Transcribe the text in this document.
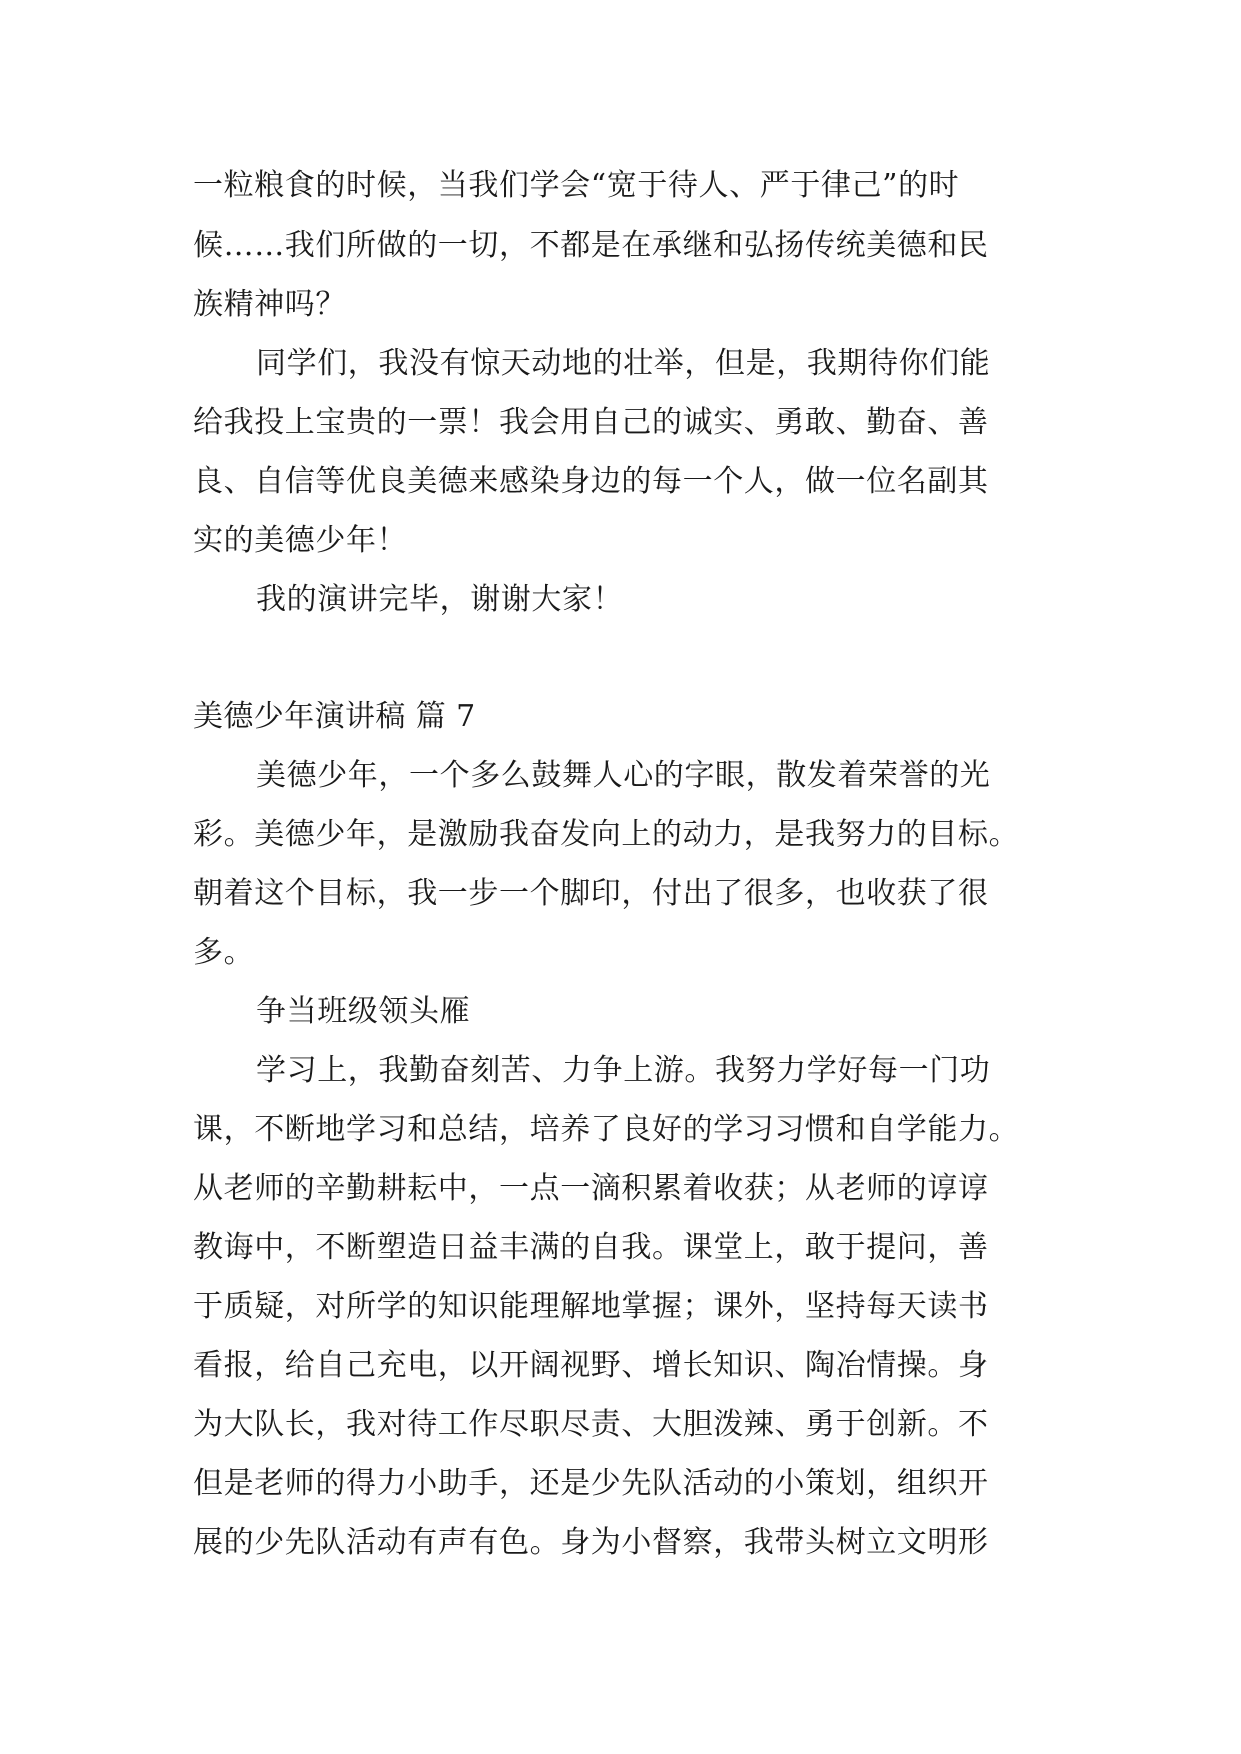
一粒粮食的时候，当我们学会“宽于待人、严于律己”的时
候……我们所做的一切，不都是在承继和弘扬传统美德和民
族精神吗？
同学们，我没有惊天动地的壮举，但是，我期待你们能
给我投上宝贵的一票！我会用自己的诚实、勇敢、勤奋、善
良、自信等优良美德来感染身边的每一个人，做一位名副其
实的美德少年！
我的演讲完毕，谢谢大家！
美德少年演讲稿 篇 7
美德少年，一个多么鼓舞人心的字眼，散发着荣誉的光
彩。美德少年，是激励我奋发向上的动力，是我努力的目标。
朝着这个目标，我一步一个脚印，付出了很多，也收获了很
多。
争当班级领头雁
学习上，我勤奋刻苦、力争上游。我努力学好每一门功
课，不断地学习和总结，培养了良好的学习习惯和自学能力。
从老师的辛勤耕耘中，一点一滴积累着收获；从老师的谆谆
教诲中，不断塑造日益丰满的自我。课堂上，敢于提问，善
于质疑，对所学的知识能理解地掌握；课外，坚持每天读书
看报，给自己充电，以开阔视野、增长知识、陶冶情操。身
为大队长，我对待工作尽职尽责、大胆泼辣、勇于创新。不
但是老师的得力小助手，还是少先队活动的小策划，组织开
展的少先队活动有声有色。身为小督察，我带头树立文明形
